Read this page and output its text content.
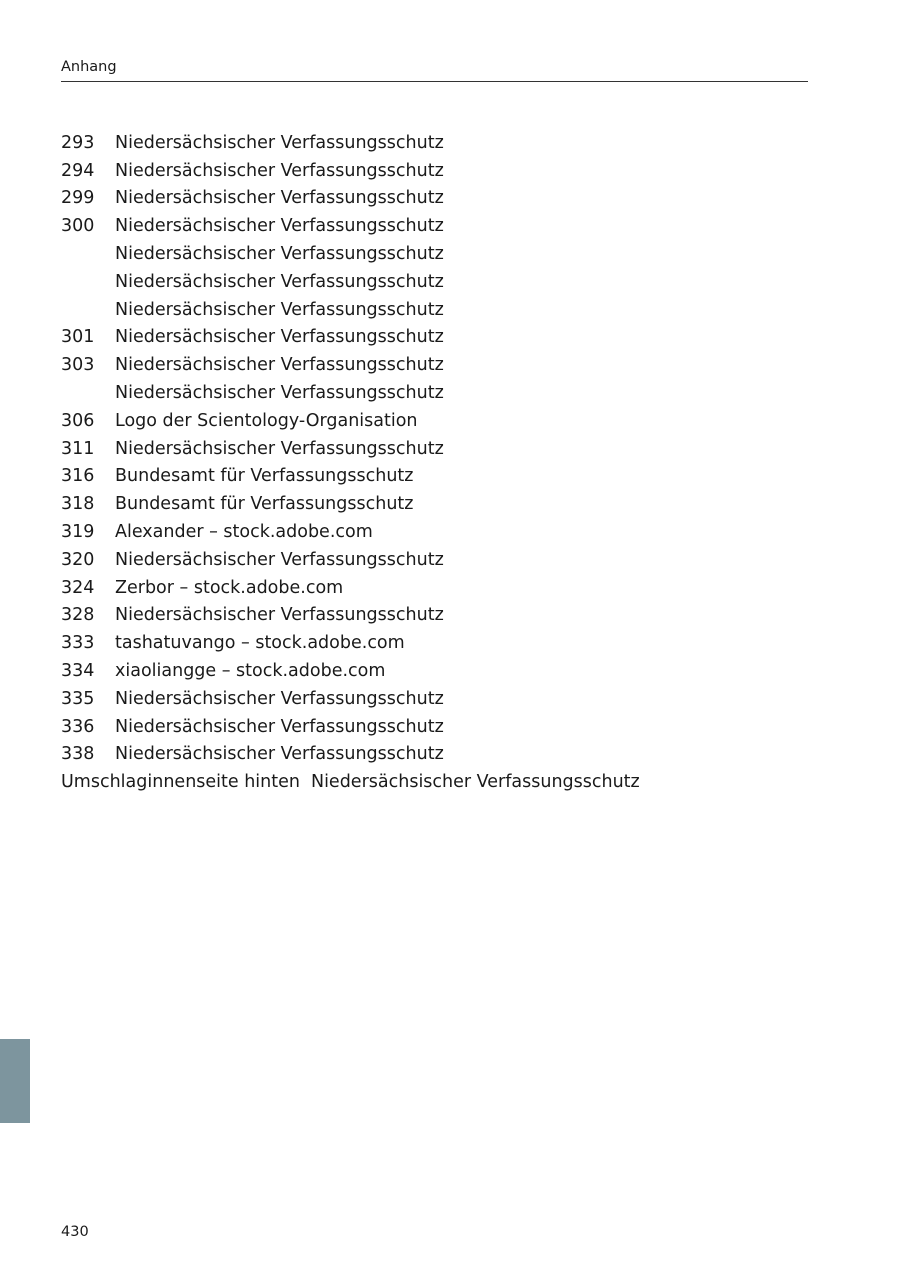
Anhang
293	Niedersächsischer Verfassungsschutz
294	Niedersächsischer Verfassungsschutz
299	Niedersächsischer Verfassungsschutz
300	Niedersächsischer Verfassungsschutz
Niedersächsischer Verfassungsschutz
Niedersächsischer Verfassungsschutz
Niedersächsischer Verfassungsschutz
301	Niedersächsischer Verfassungsschutz
303	Niedersächsischer Verfassungsschutz
Niedersächsischer Verfassungsschutz
306	Logo der Scientology-Organisation
311	Niedersächsischer Verfassungsschutz
316	Bundesamt für Verfassungsschutz
318	Bundesamt für Verfassungsschutz
319	Alexander – stock.adobe.com
320	Niedersächsischer Verfassungsschutz
324	Zerbor – stock.adobe.com
328	Niedersächsischer Verfassungsschutz
333	tashatuvango – stock.adobe.com
334	xiaoliangge – stock.adobe.com
335	Niedersächsischer Verfassungsschutz
336	Niedersächsischer Verfassungsschutz
338	Niedersächsischer Verfassungsschutz
Umschlaginnenseite hinten Niedersächsischer Verfassungsschutz
430
